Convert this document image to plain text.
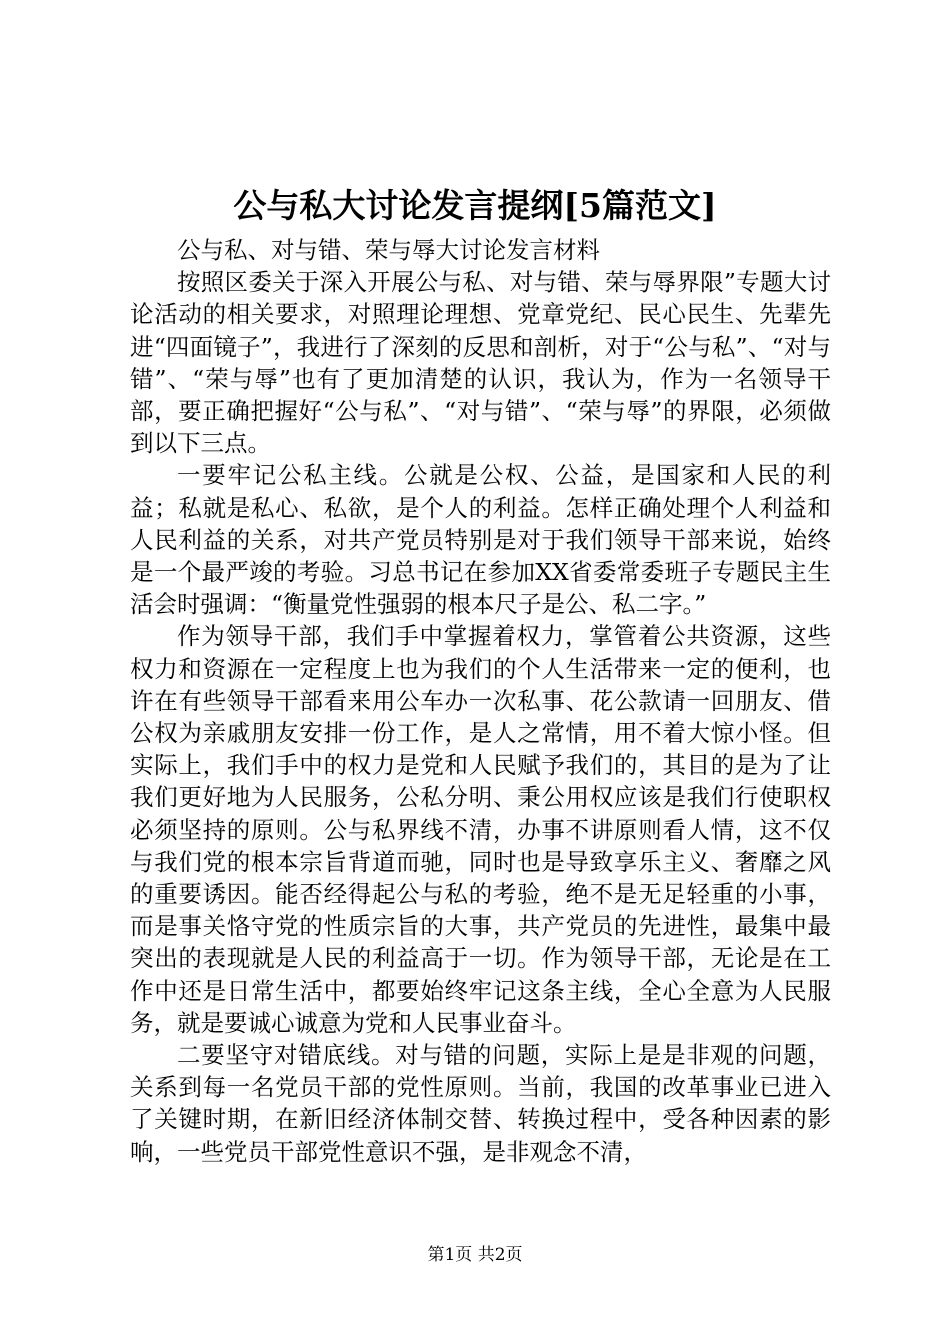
公与私大讨论发言提纲[5篇范文]

公与私、对与错、荣与辱大讨论发言材料

按照区委关于深入开展公与私、对与错、荣与辱界限”专题大讨论活动的相关要求，对照理论理想、党章党纪、民心民生、先辈先进“四面镜子”，我进行了深刻的反思和剖析，对于“公与私”、“对与错”、“荣与辱”也有了更加清楚的认识，我认为，作为一名领导干部，要正确把握好“公与私”、“对与错”、“荣与辱”的界限，必须做到以下三点。

一要牢记公私主线。公就是公权、公益，是国家和人民的利益；私就是私心、私欲，是个人的利益。怎样正确处理个人利益和人民利益的关系，对共产党员特别是对于我们领导干部来说，始终是一个最严竣的考验。习总书记在参加XX省委常委班子专题民主生活会时强调：“衡量党性强弱的根本尺子是公、私二字。”

作为领导干部，我们手中掌握着权力，掌管着公共资源，这些权力和资源在一定程度上也为我们的个人生活带来一定的便利，也许在有些领导干部看来用公车办一次私事、花公款请一回朋友、借公权为亲戚朋友安排一份工作，是人之常情，用不着大惊小怪。但实际上，我们手中的权力是党和人民赋予我们的，其目的是为了让我们更好地为人民服务，公私分明、秉公用权应该是我们行使职权必须坚持的原则。公与私界线不清，办事不讲原则看人情，这不仅与我们党的根本宗旨背道而驰，同时也是导致享乐主义、奢靡之风的重要诱因。能否经得起公与私的考验，绝不是无足轻重的小事，而是事关恪守党的性质宗旨的大事，共产党员的先进性，最集中最突出的表现就是人民的利益高于一切。作为领导干部，无论是在工作中还是日常生活中，都要始终牢记这条主线，全心全意为人民服务，就是要诚心诚意为党和人民事业奋斗。

二要坚守对错底线。对与错的问题，实际上是是非观的问题，关系到每一名党员干部的党性原则。当前，我国的改革事业已进入了关键时期，在新旧经济体制交替、转换过程中，受各种因素的影响，一些党员干部党性意识不强，是非观念不清，

第1页 共2页
